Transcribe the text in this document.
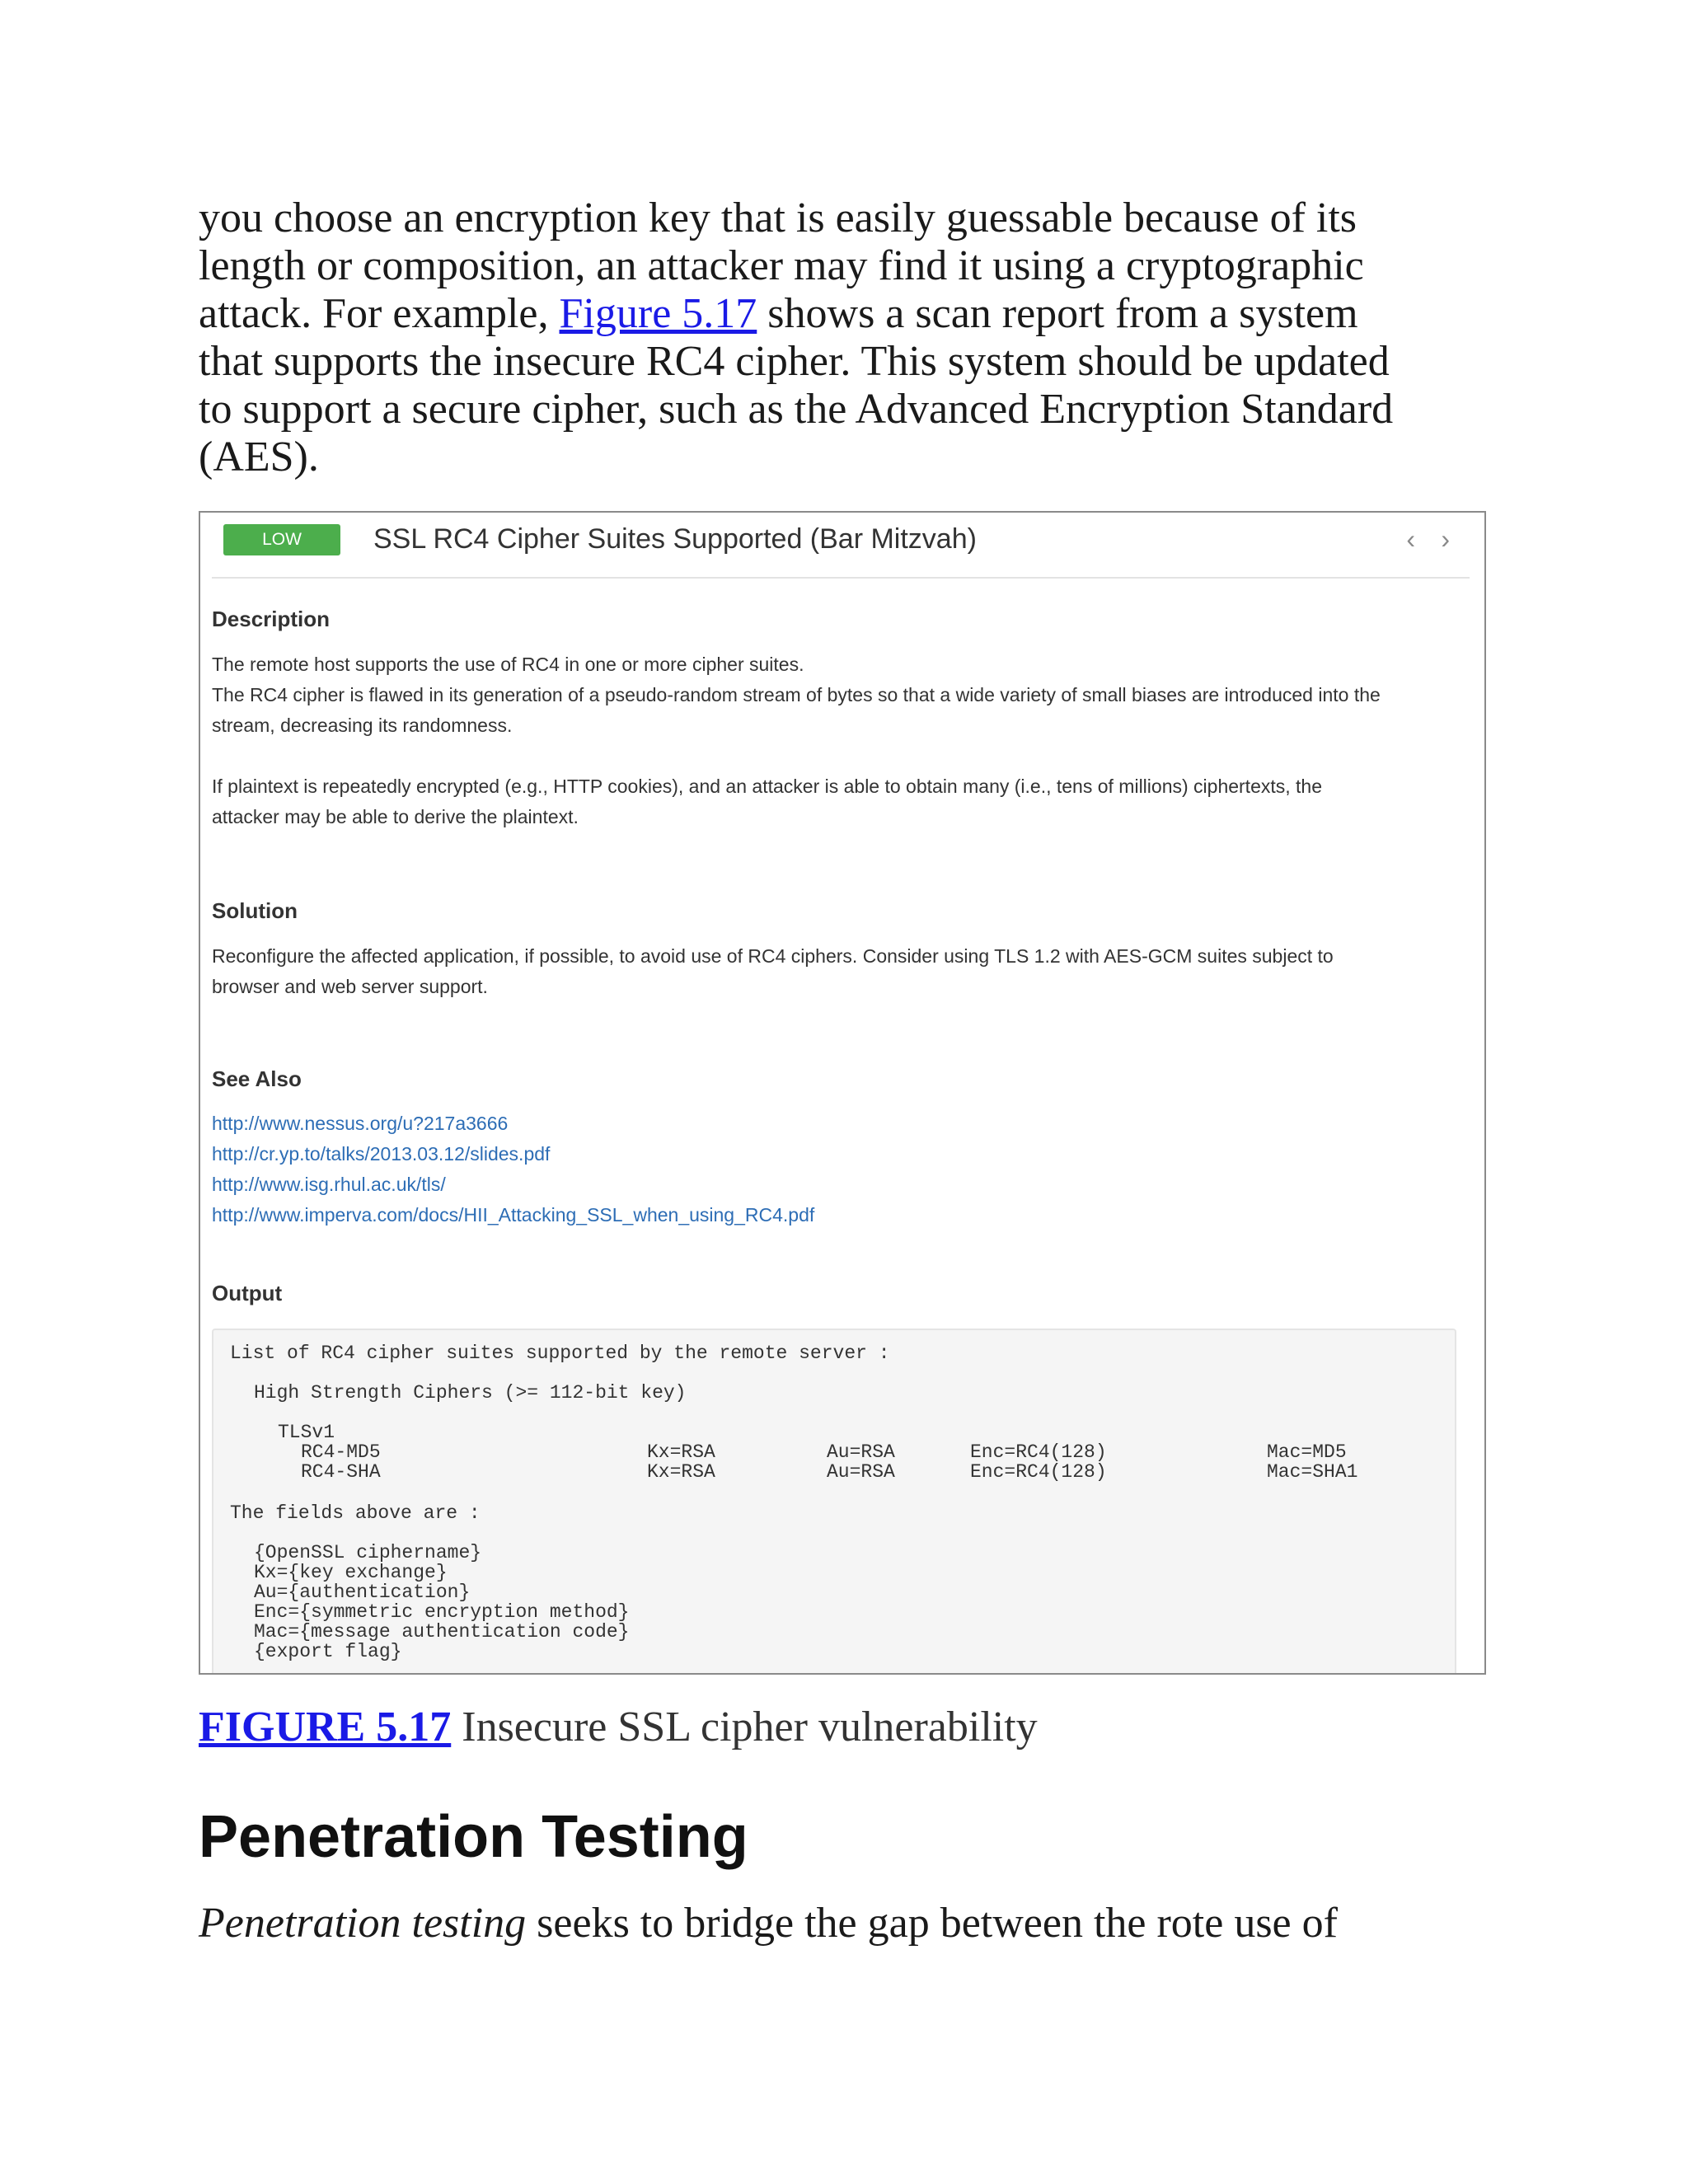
you choose an encryption key that is easily guessable because of its
length or composition, an attacker may find it using a cryptographic
attack. For example, Figure 5.17 shows a scan report from a system
that supports the insecure RC4 cipher. This system should be updated
to support a secure cipher, such as the Advanced Encryption Standard
(AES).
LOW	SSL RC4 Cipher Suites Supported (Bar Mitzvah)	‹ ›
Description
The remote host supports the use of RC4 in one or more cipher suites.
The RC4 cipher is flawed in its generation of a pseudo-random stream of bytes so that a wide variety of small biases are introduced into the
stream, decreasing its randomness.

If plaintext is repeatedly encrypted (e.g., HTTP cookies), and an attacker is able to obtain many (i.e., tens of millions) ciphertexts, the
attacker may be able to derive the plaintext.
Solution
Reconfigure the affected application, if possible, to avoid use of RC4 ciphers. Consider using TLS 1.2 with AES-GCM suites subject to
browser and web server support.
See Also
http://www.nessus.org/u?217a3666
http://cr.yp.to/talks/2013.03.12/slides.pdf
http://www.isg.rhul.ac.uk/tls/
http://www.imperva.com/docs/HII_Attacking_SSL_when_using_RC4.pdf
Output
List of RC4 cipher suites supported by the remote server :
High Strength Ciphers (>= 112-bit key)
TLSv1
RC4-MD5	Kx=RSA	Au=RSA	Enc=RC4(128)	Mac=MD5
RC4-SHA	Kx=RSA	Au=RSA	Enc=RC4(128)	Mac=SHA1
The fields above are :
{OpenSSL ciphername}
Kx={key exchange}
Au={authentication}
Enc={symmetric encryption method}
Mac={message authentication code}
{export flag}
FIGURE 5.17 Insecure SSL cipher vulnerability
Penetration Testing
Penetration testing seeks to bridge the gap between the rote use of
